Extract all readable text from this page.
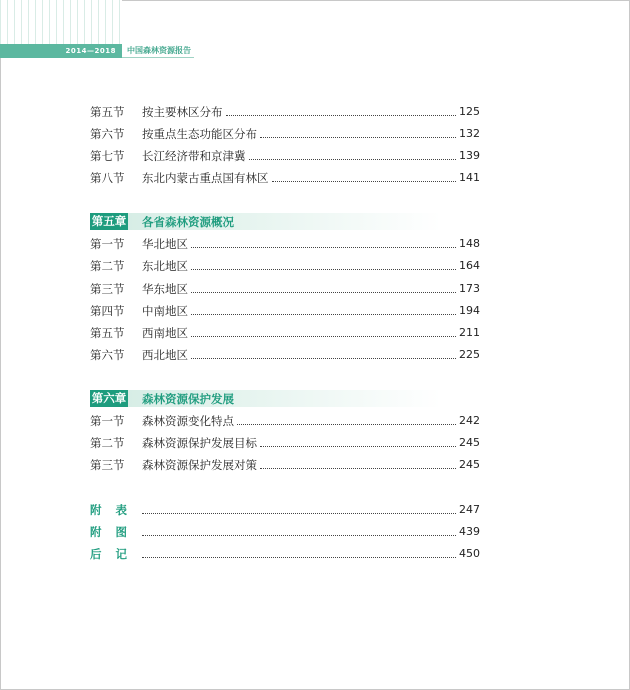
2014—2018	中国森林资源报告
第五节	按主要林区分布	125
第六节	按重点生态功能区分布	132
第七节	长江经济带和京津冀	139
第八节	东北内蒙古重点国有林区	141
第五章 各省森林资源概况
第一节	华北地区	148
第二节	东北地区	164
第三节	华东地区	173
第四节	中南地区	194
第五节	西南地区	211
第六节	西北地区	225
第六章 森林资源保护发展
第一节	森林资源变化特点	242
第二节	森林资源保护发展目标	245
第三节	森林资源保护发展对策	245
附表	247
附图	439
后记	450
